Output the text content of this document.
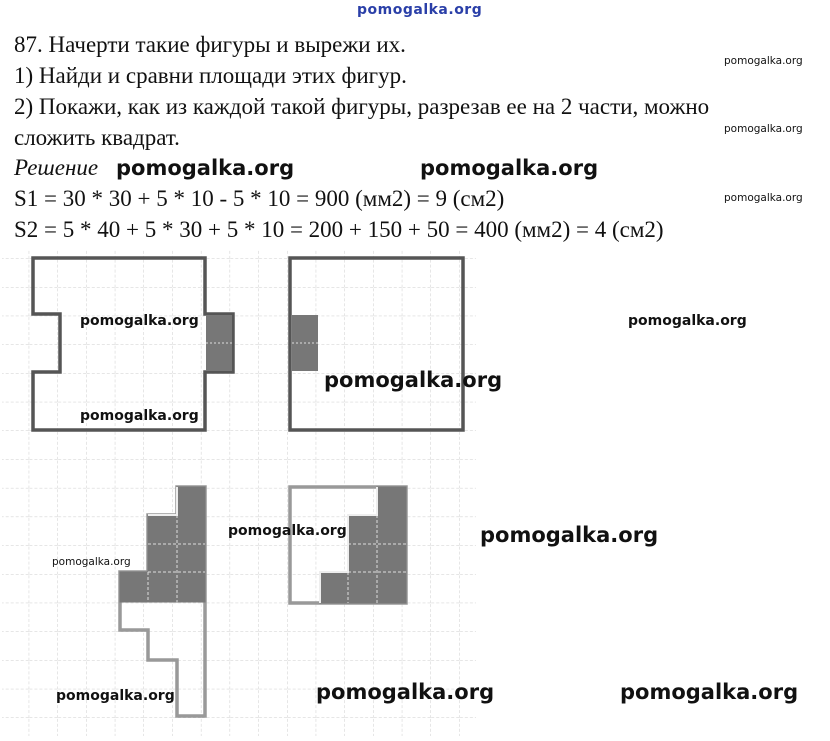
pomogalka.org
87. Начерти такие фигуры и вырежи их.
1) Найди и сравни площади этих фигур.
2) Покажи, как из каждой такой фигуры, разрезав ее на 2 части, можно
сложить квадрат.
Решение
S1 = 30 * 30 + 5 * 10 - 5 * 10 = 900 (мм2) = 9 (см2)
S2 = 5 * 40 + 5 * 30 + 5 * 10 = 200 + 150 + 50 = 400 (мм2) = 4 (см2)
pomogalka.org
pomogalka.org
pomogalka.org	pomogalka.org
pomogalka.org
pomogalka.org	pomogalka.org
pomogalka.org
pomogalka.org
pomogalka.org	pomogalka.org
pomogalka.org
pomogalka.org	pomogalka.org	pomogalka.org
